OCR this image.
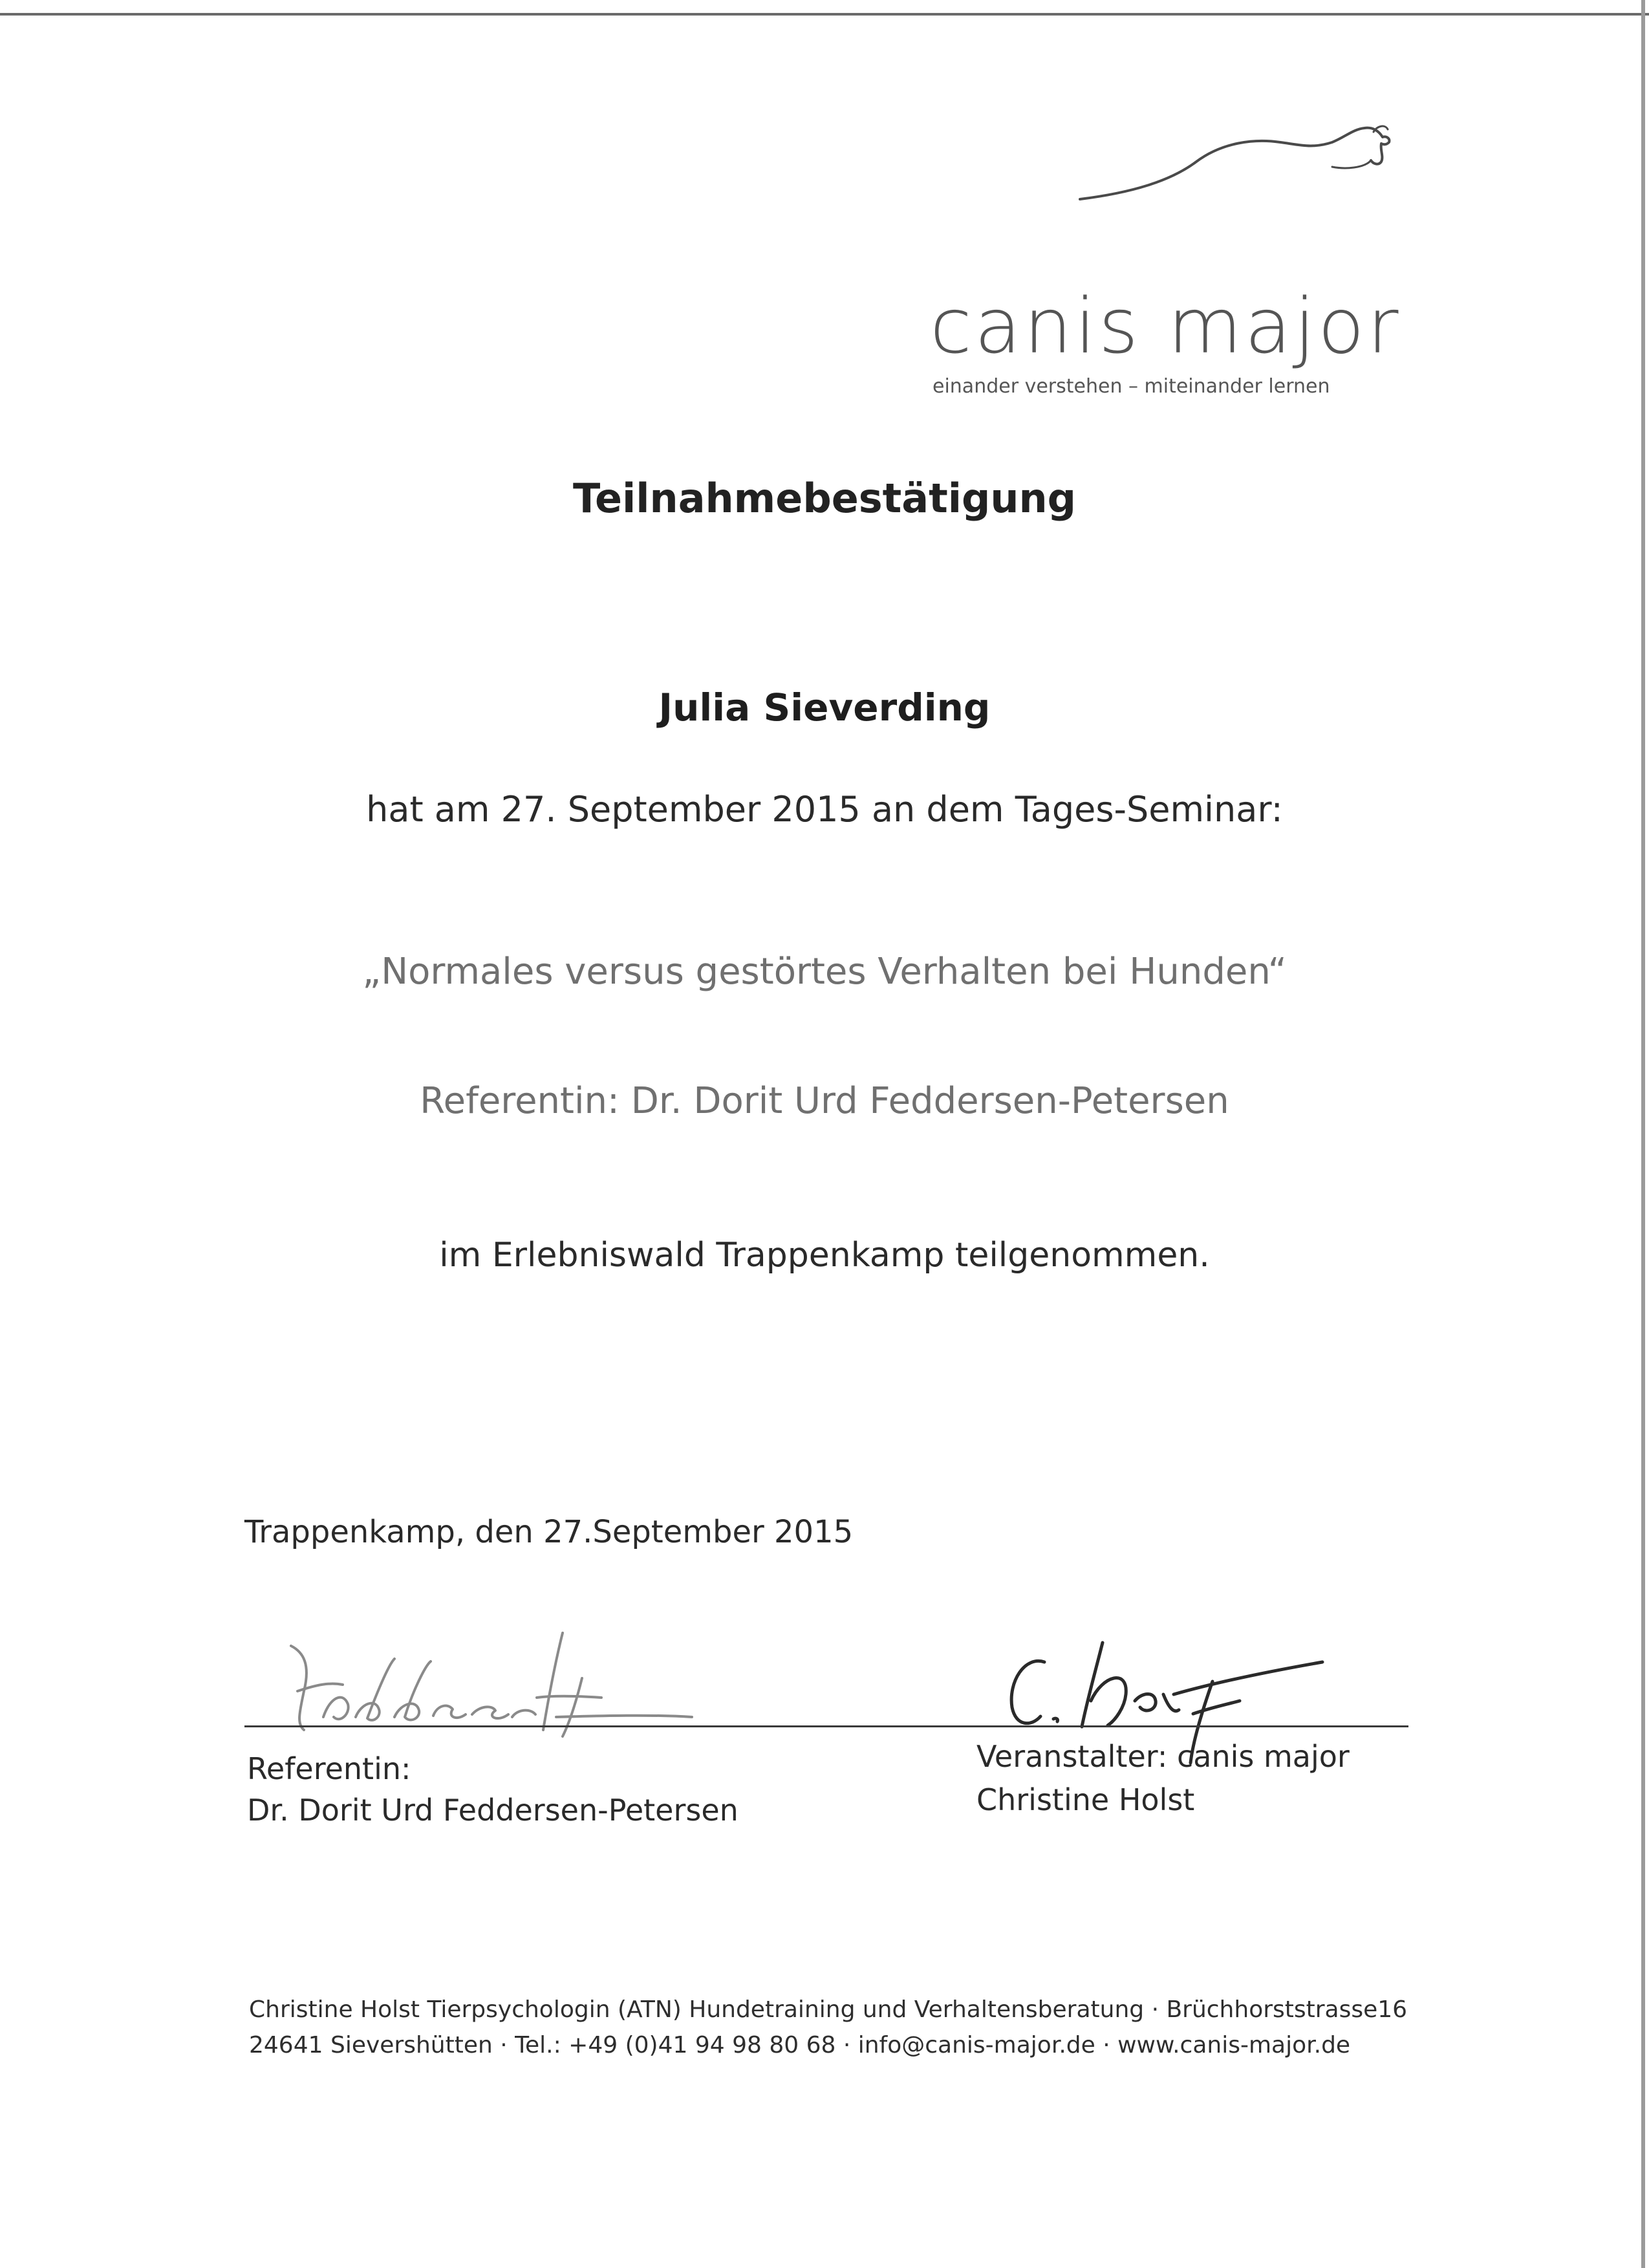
canis major
einander verstehen – miteinander lernen
Teilnahmebestätigung
Julia Sieverding
hat am 27. September 2015 an dem Tages-Seminar:
„Normales versus gestörtes Verhalten bei Hunden“
Referentin: Dr. Dorit Urd Feddersen-Petersen
im Erlebniswald Trappenkamp teilgenommen.
Trappenkamp, den 27.September 2015
Referentin:
Dr. Dorit Urd Feddersen-Petersen
Veranstalter: canis major
Christine Holst
Christine Holst Tierpsychologin (ATN) Hundetraining und Verhaltensberatung · Brüchhorststrasse16
24641 Sievershütten · Tel.: +49 (0)41 94 98 80 68 · info@canis-major.de · www.canis-major.de
